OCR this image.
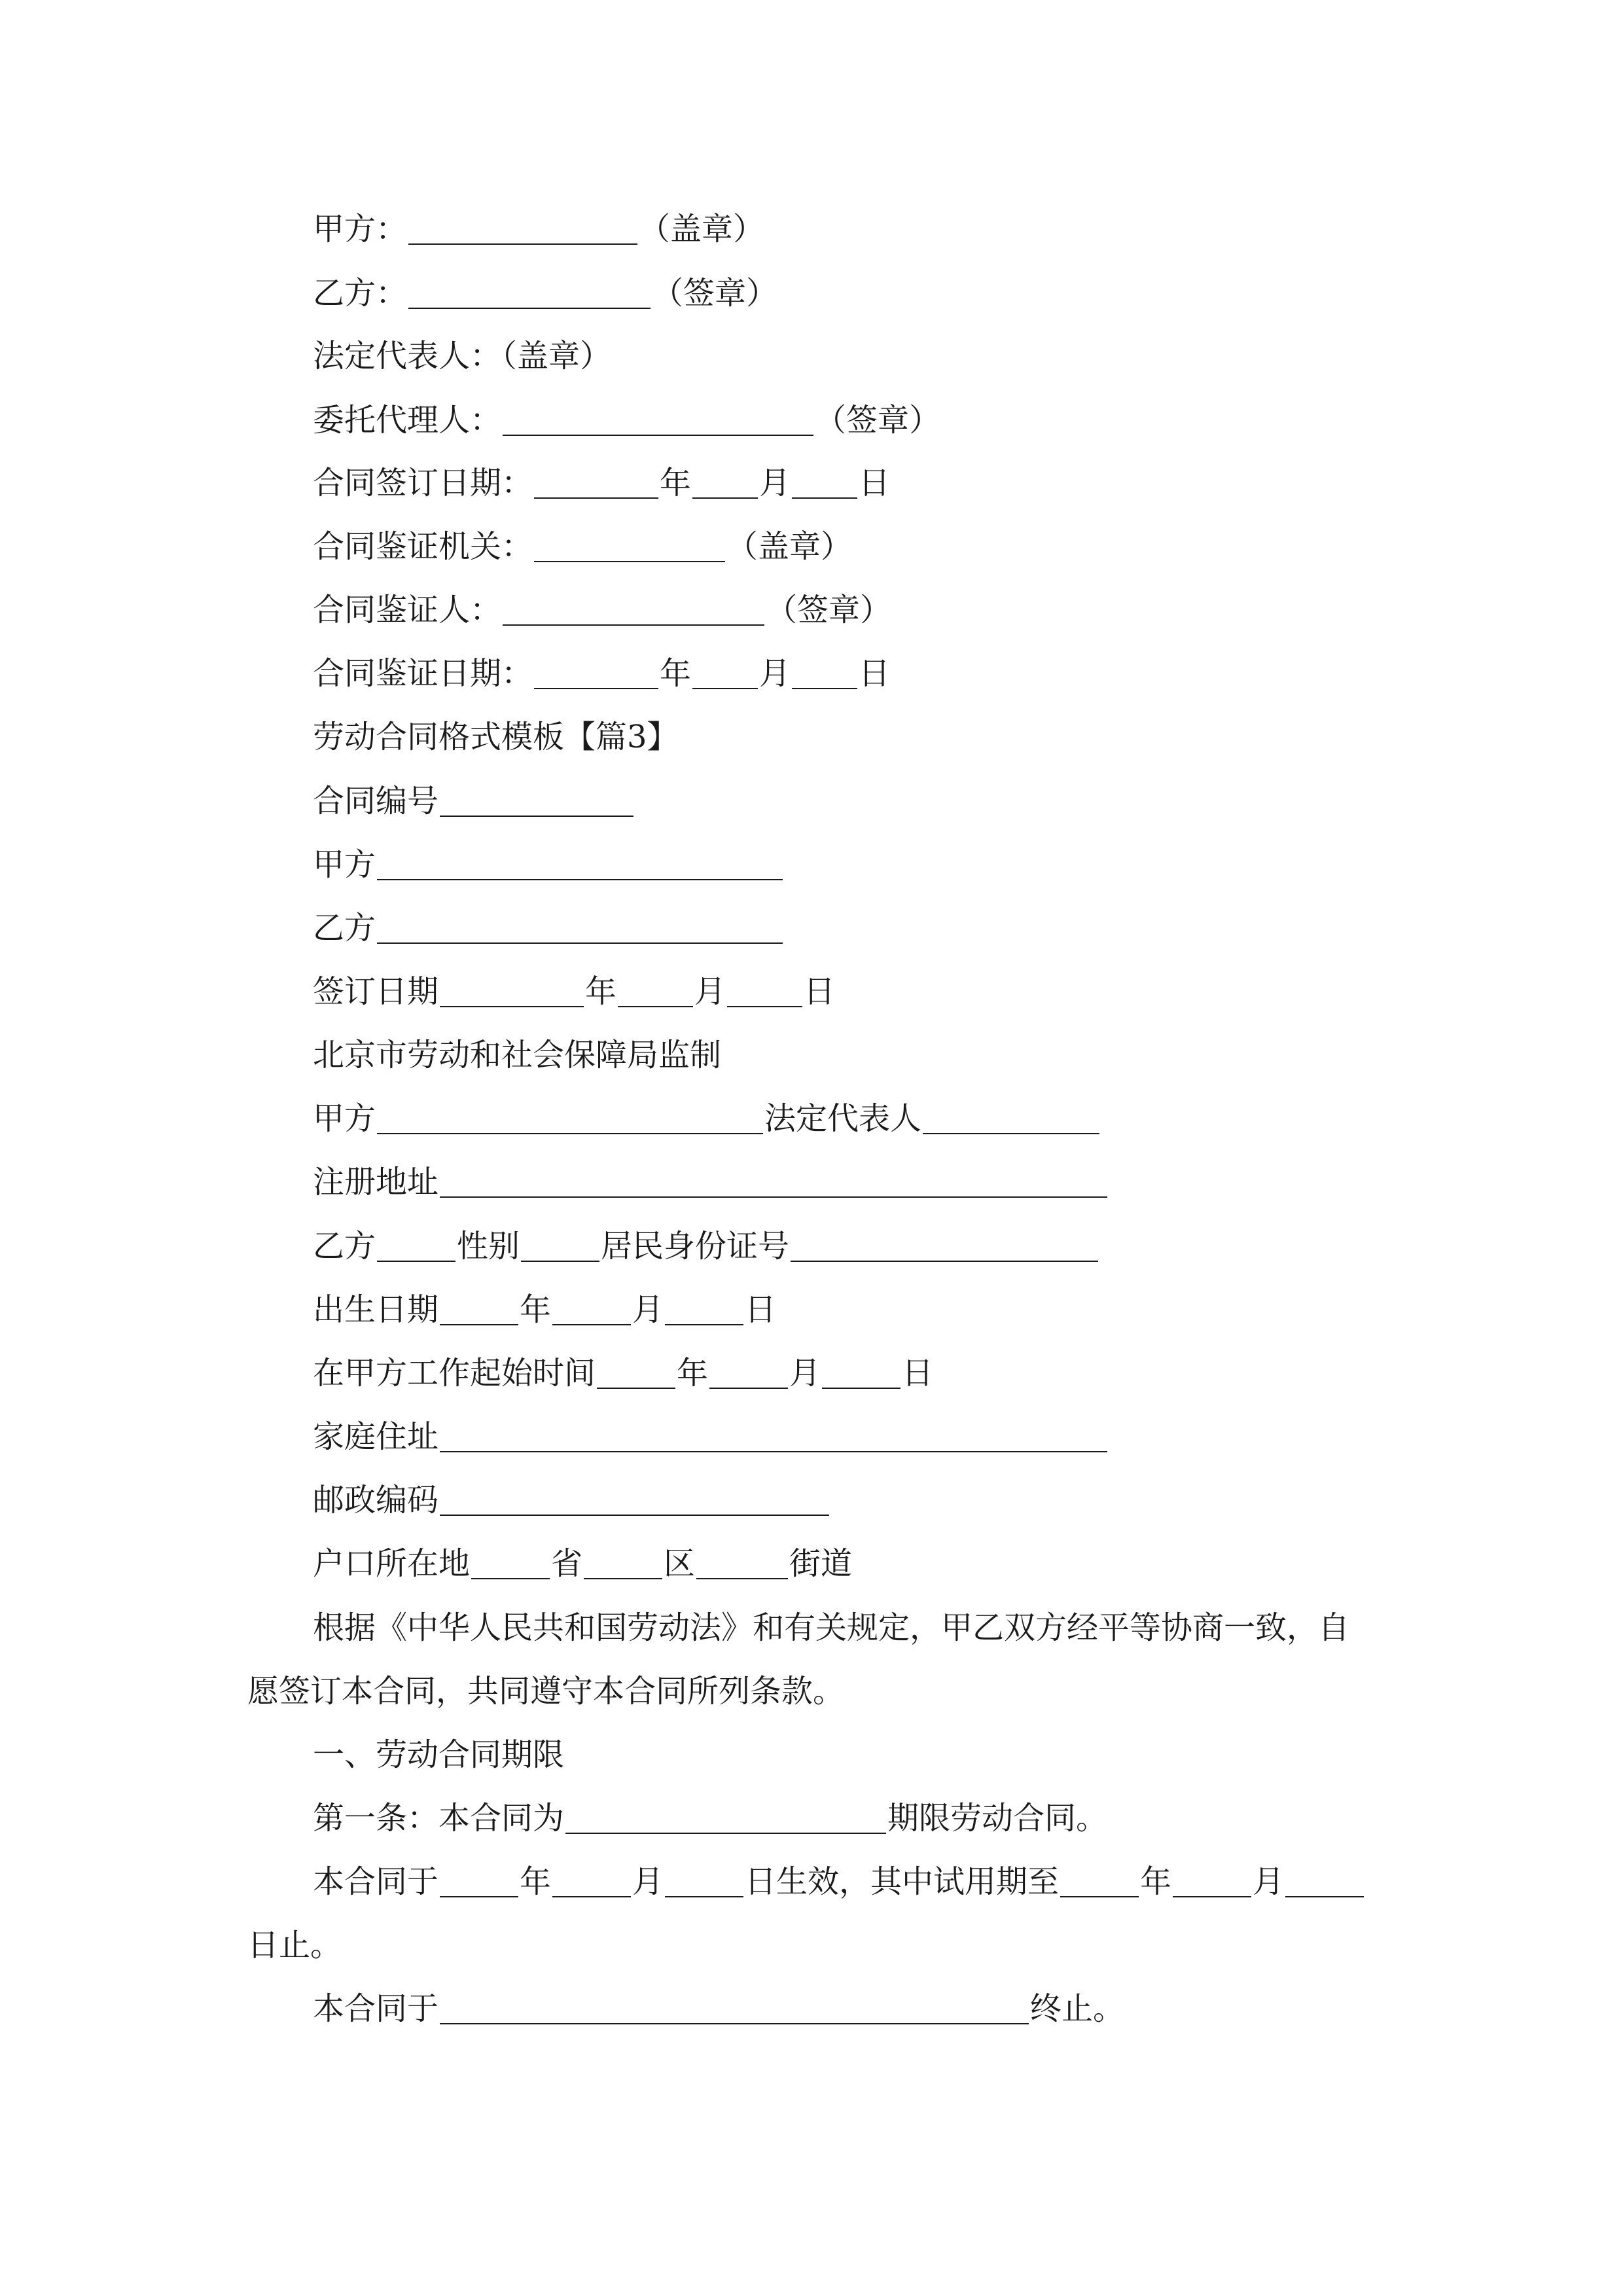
甲方：	（盖章）
乙方：	（签章）
法定代表人：（盖章）
委托代理人：	（签章）
合同签订日期：	年 月 日
合同鉴证机关：	（盖章）
合同鉴证人：	（签章）
合同鉴证日期：	年 月 日
劳动合同格式模板【篇3】
合同编号
甲方
乙方
签订日期	年 月 日
北京市劳动和社会保障局监制
甲方	法定代表人
注册地址
乙方	性别	居民身份证号
出生日期	年	月	日
在甲方工作起始时间	年	月	日
家庭住址
邮政编码
户口所在地	省	区	街道
根据《中华人民共和国劳动法》和有关规定，甲乙双方经平等协商一致，自
愿签订本合同，共同遵守本合同所列条款。
一、劳动合同期限
第一条：本合同为	期限劳动合同。
本合同于	年	月	日生效，其中试用期至	年	月
日止。
本合同于	终止。
